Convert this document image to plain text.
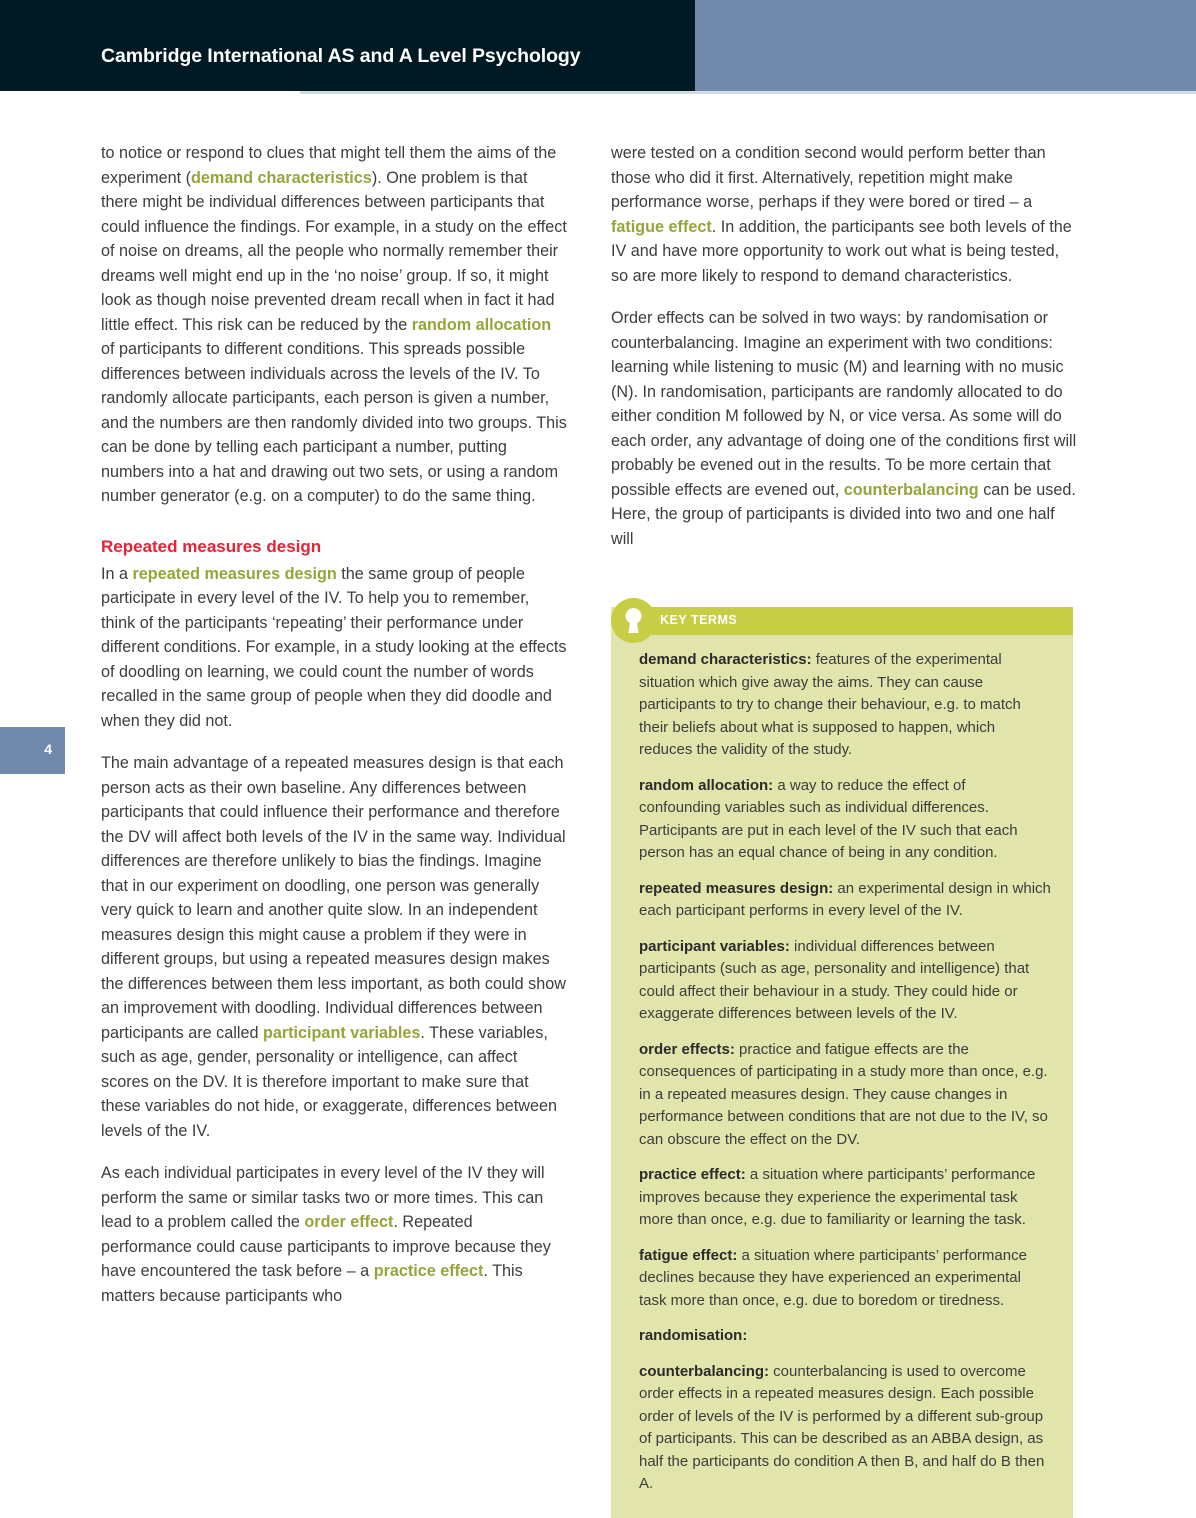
Cambridge International AS and A Level Psychology
4

to notice or respond to clues that might tell them the aims of the experiment (demand characteristics). One problem is that there might be individual differences between participants that could influence the findings. For example, in a study on the effect of noise on dreams, all the people who normally remember their dreams well might end up in the ‘no noise’ group. If so, it might look as though noise prevented dream recall when in fact it had little effect. This risk can be reduced by the random allocation of participants to different conditions. This spreads possible differences between individuals across the levels of the IV. To randomly allocate participants, each person is given a number, and the numbers are then randomly divided into two groups. This can be done by telling each participant a number, putting numbers into a hat and drawing out two sets, or using a random number generator (e.g. on a computer) to do the same thing.

Repeated measures design

In a repeated measures design the same group of people participate in every level of the IV. To help you to remember, think of the participants ‘repeating’ their performance under different conditions. For example, in a study looking at the effects of doodling on learning, we could count the number of words recalled in the same group of people when they did doodle and when they did not.

The main advantage of a repeated measures design is that each person acts as their own baseline. Any differences between participants that could influence their performance and therefore the DV will affect both levels of the IV in the same way. Individual differences are therefore unlikely to bias the findings. Imagine that in our experiment on doodling, one person was generally very quick to learn and another quite slow. In an independent measures design this might cause a problem if they were in different groups, but using a repeated measures design makes the differences between them less important, as both could show an improvement with doodling. Individual differences between participants are called participant variables. These variables, such as age, gender, personality or intelligence, can affect scores on the DV. It is therefore important to make sure that these variables do not hide, or exaggerate, differences between levels of the IV.

As each individual participates in every level of the IV they will perform the same or similar tasks two or more times. This can lead to a problem called the order effect. Repeated performance could cause participants to improve because they have encountered the task before – a practice effect. This matters because participants who

were tested on a condition second would perform better than those who did it first. Alternatively, repetition might make performance worse, perhaps if they were bored or tired – a fatigue effect. In addition, the participants see both levels of the IV and have more opportunity to work out what is being tested, so are more likely to respond to demand characteristics.

Order effects can be solved in two ways: by randomisation or counterbalancing. Imagine an experiment with two conditions: learning while listening to music (M) and learning with no music (N). In randomisation, participants are randomly allocated to do either condition M followed by N, or vice versa. As some will do each order, any advantage of doing one of the conditions first will probably be evened out in the results. To be more certain that possible effects are evened out, counterbalancing can be used. Here, the group of participants is divided into two and one half will

KEY TERMS

demand characteristics: features of the experimental situation which give away the aims. They can cause participants to try to change their behaviour, e.g. to match their beliefs about what is supposed to happen, which reduces the validity of the study.

random allocation: a way to reduce the effect of confounding variables such as individual differences. Participants are put in each level of the IV such that each person has an equal chance of being in any condition.

repeated measures design: an experimental design in which each participant performs in every level of the IV.

participant variables: individual differences between participants (such as age, personality and intelligence) that could affect their behaviour in a study. They could hide or exaggerate differences between levels of the IV.

order effects: practice and fatigue effects are the consequences of participating in a study more than once, e.g. in a repeated measures design. They cause changes in performance between conditions that are not due to the IV, so can obscure the effect on the DV.

practice effect: a situation where participants’ performance improves because they experience the experimental task more than once, e.g. due to familiarity or learning the task.

fatigue effect: a situation where participants’ performance declines because they have experienced an experimental task more than once, e.g. due to boredom or tiredness.

randomisation:

counterbalancing: counterbalancing is used to overcome order effects in a repeated measures design. Each possible order of levels of the IV is performed by a different sub-group of participants. This can be described as an ABBA design, as half the participants do condition A then B, and half do B then A.
